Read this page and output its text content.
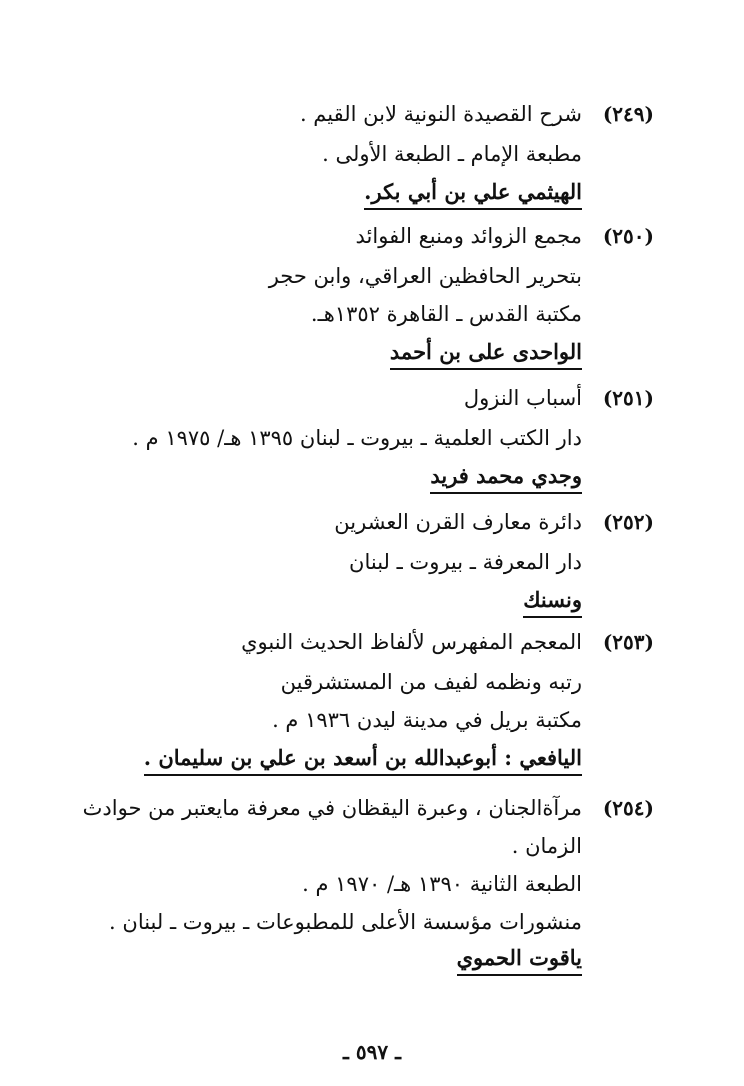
(٢٤٩)
شرح القصيدة النونية لابن القيم .
مطبعة الإمام ـ الطبعة الأولى .
الهيثمي علي بن أبي بكر.
(٢٥٠)
مجمع الزوائد ومنبع الفوائد
بتحرير الحافظين العراقي، وابن حجر
مكتبة القدس ـ القاهرة ١٣٥٢هـ.
الواحدى على بن أحمد
(٢٥١)
أسباب النزول
دار الكتب العلمية ـ بيروت ـ لبنان ١٣٩٥ هـ/ ١٩٧٥ م .
وجدي محمد فريد
(٢٥٢)
دائرة معارف القرن العشرين
دار المعرفة ـ بيروت ـ لبنان
ونسنك
(٢٥٣)
المعجم المفهرس لألفاظ الحديث النبوي
رتبه ونظمه لفيف من المستشرقين
مكتبة بريل في مدينة ليدن ١٩٣٦ م .
اليافعي : أبوعبدالله بن أسعد بن علي بن سليمان .
(٢٥٤)
مرآة‌الجنان ، وعبرة اليقظان في معرفة مايعتبر من حوادث
الزمان .
الطبعة الثانية ١٣٩٠ هـ/ ١٩٧٠ م .
منشورات مؤسسة الأعلى للمطبوعات ـ بيروت ـ لبنان .
ياقوت الحموي
ـ ٥٩٧ ـ
